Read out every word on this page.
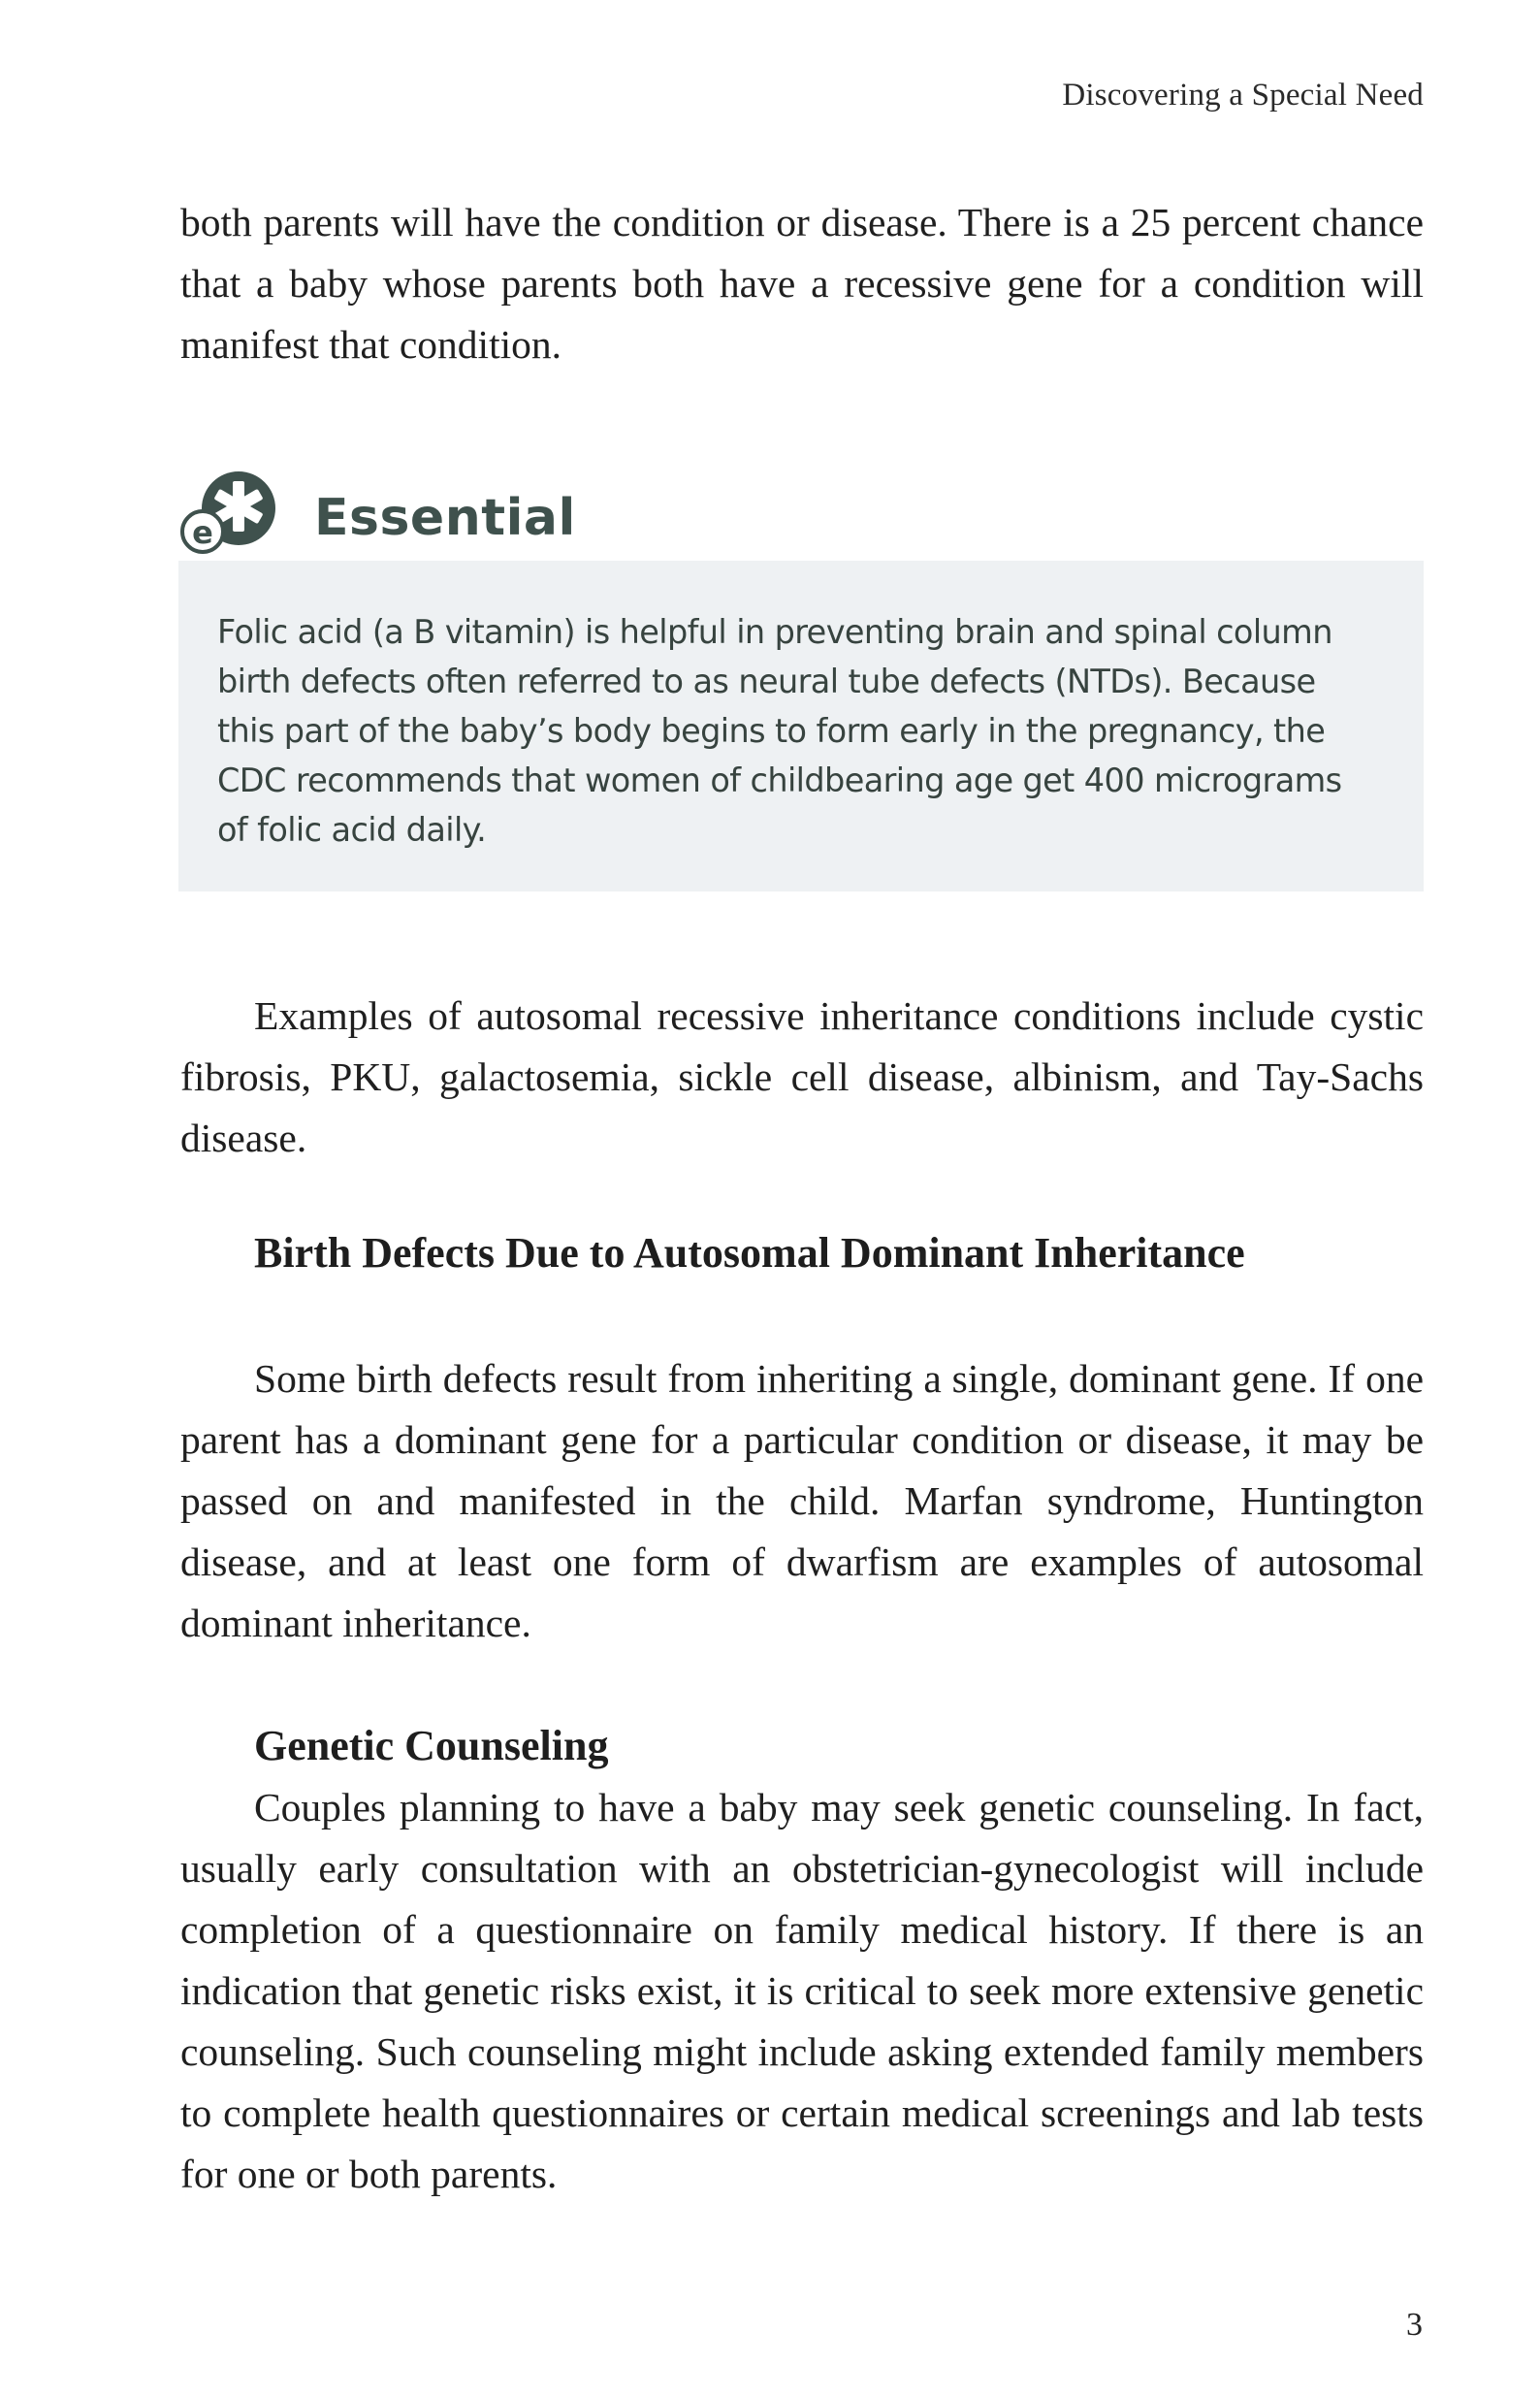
Discovering a Special Need

both parents will have the condition or disease. There is a 25 percent chance that a baby whose parents both have a recessive gene for a condition will manifest that condition.

e Essential

Folic acid (a B vitamin) is helpful in preventing brain and spinal column birth defects often referred to as neural tube defects (NTDs). Because this part of the baby’s body begins to form early in the pregnancy, the CDC recommends that women of childbearing age get 400 micrograms of folic acid daily.

Examples of autosomal recessive inheritance conditions include cystic fibrosis, PKU, galactosemia, sickle cell disease, albinism, and Tay-Sachs disease.

Birth Defects Due to Autosomal Dominant Inheritance

Some birth defects result from inheriting a single, dominant gene. If one parent has a dominant gene for a particular condition or disease, it may be passed on and manifested in the child. Marfan syndrome, Huntington disease, and at least one form of dwarfism are examples of autosomal dominant inheritance.

Genetic Counseling

Couples planning to have a baby may seek genetic counseling. In fact, usually early consultation with an obstetrician-gynecologist will include completion of a questionnaire on family medical history. If there is an indication that genetic risks exist, it is critical to seek more extensive genetic counseling. Such counseling might include asking extended family members to complete health questionnaires or certain medical screenings and lab tests for one or both parents.

3
